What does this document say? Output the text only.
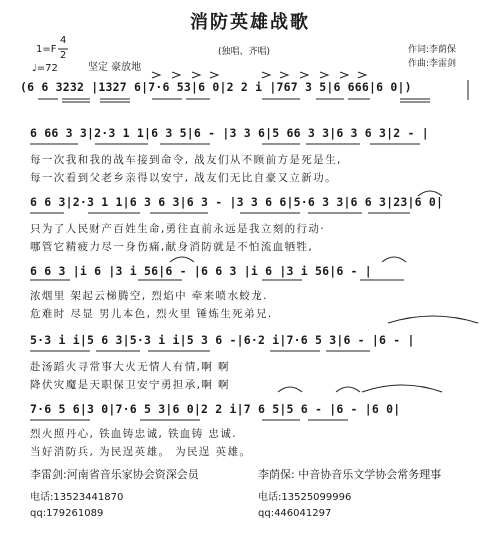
消防英雄战歌
(独唱、齐唱)	作词:李荫保
作曲:李雷剑
1=F
4
2
♩=72	坚定 豪放地
(6 6 3232 |1327 6|7·6 53|6 0|2 2 i |767 3 5|6 666|6 0|)
6 66 3 3|2·3 1 1|6 3 5|6 - |3 3 6|5 66 3 3|6 3 6 3|2 - |
每一次我和我的战车接到命令, 战友们从不顾前方是死是生,
每一次看到父老乡亲得以安宁, 战友们无比自豪又立新功。
6 6 3|2·3 1 1|6 3 6 3|6 3 - |3 3 6 6|5·6 3 3|6 6 3|23|6 0|
只为了人民财产百姓生命,勇往直前永远是我立刻的行动·
哪管它精疲力尽一身伤痛,献身消防就是不怕流血牺牲,
6 6 3 |i 6 |3 i 56|6 - |6 6 3 |i 6 |3 i 56|6 - |
浓烟里 架起云梯腾空, 烈焰中 牵来喷水蛟龙.
危难时 尽显 男儿本色, 烈火里 锤炼生死弟兄.
5·3 i i|5 6 3|5·3 i i|5 3 6 -|6·2 i|7·6 5 3|6 - |6 - |
赴汤蹈火寻常事大火无情人有情,啊 啊
降伏灾魔是天职保卫安宁勇担承,啊 啊
7·6 5 6|3 0|7·6 5 3|6 0|2 2 i|7 6 5|5 6 - |6 - |6 0|
烈火照丹心, 铁血铸忠诚, 铁血铸 忠诚.
当好消防兵, 为民逞英雄。 为民逞 英雄。
李雷剑:河南省音乐家协会资深会员	李荫保: 中音协音乐文学协会常务理事
电话:13523441870	电话:13525099996
qq:179261089	qq:446041297
